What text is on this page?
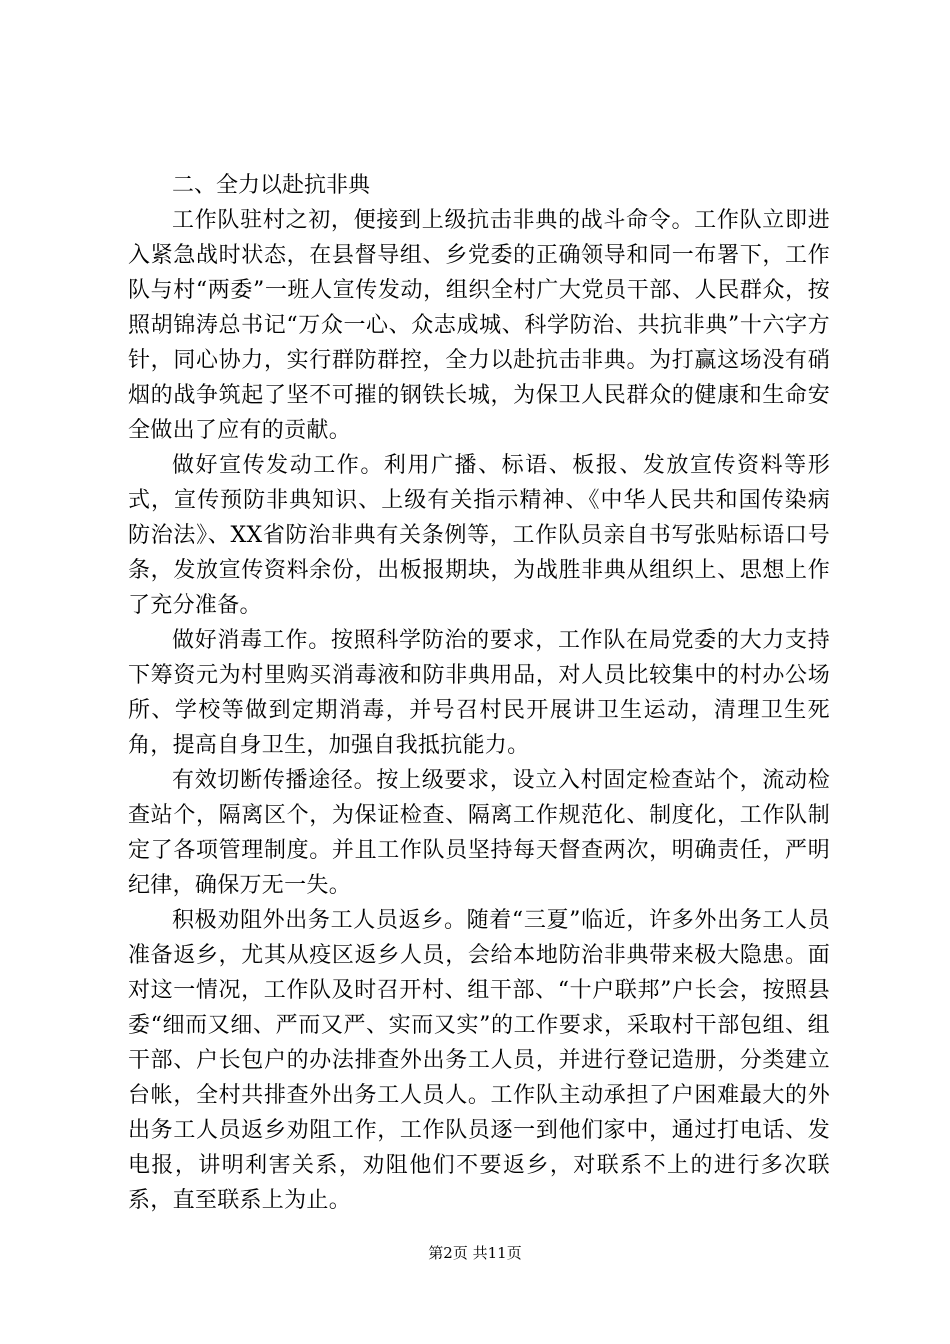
二、全力以赴抗非典

工作队驻村之初，便接到上级抗击非典的战斗命令。工作队立即进入紧急战时状态，在县督导组、乡党委的正确领导和同一布署下，工作队与村“两委”一班人宣传发动，组织全村广大党员干部、人民群众，按照胡锦涛总书记“万众一心、众志成城、科学防治、共抗非典”十六字方针，同心协力，实行群防群控，全力以赴抗击非典。为打赢这场没有硝烟的战争筑起了坚不可摧的钢铁长城，为保卫人民群众的健康和生命安全做出了应有的贡献。

做好宣传发动工作。利用广播、标语、板报、发放宣传资料等形式，宣传预防非典知识、上级有关指示精神、《中华人民共和国传染病防治法》、XX省防治非典有关条例等，工作队员亲自书写张贴标语口号条，发放宣传资料余份，出板报期块，为战胜非典从组织上、思想上作了充分准备。

做好消毒工作。按照科学防治的要求，工作队在局党委的大力支持下筹资元为村里购买消毒液和防非典用品，对人员比较集中的村办公场所、学校等做到定期消毒，并号召村民开展讲卫生运动，清理卫生死角，提高自身卫生，加强自我抵抗能力。

有效切断传播途径。按上级要求，设立入村固定检查站个，流动检查站个，隔离区个，为保证检查、隔离工作规范化、制度化，工作队制定了各项管理制度。并且工作队员坚持每天督查两次，明确责任，严明纪律，确保万无一失。

积极劝阻外出务工人员返乡。随着“三夏”临近，许多外出务工人员准备返乡，尤其从疫区返乡人员，会给本地防治非典带来极大隐患。面对这一情况，工作队及时召开村、组干部、“十户联邦”户长会，按照县委“细而又细、严而又严、实而又实”的工作要求，采取村干部包组、组干部、户长包户的办法排查外出务工人员，并进行登记造册，分类建立台帐，全村共排查外出务工人员人。工作队主动承担了户困难最大的外出务工人员返乡劝阻工作，工作队员逐一到他们家中，通过打电话、发电报，讲明利害关系，劝阻他们不要返乡，对联系不上的进行多次联系，直至联系上为止。

第2页 共11页
